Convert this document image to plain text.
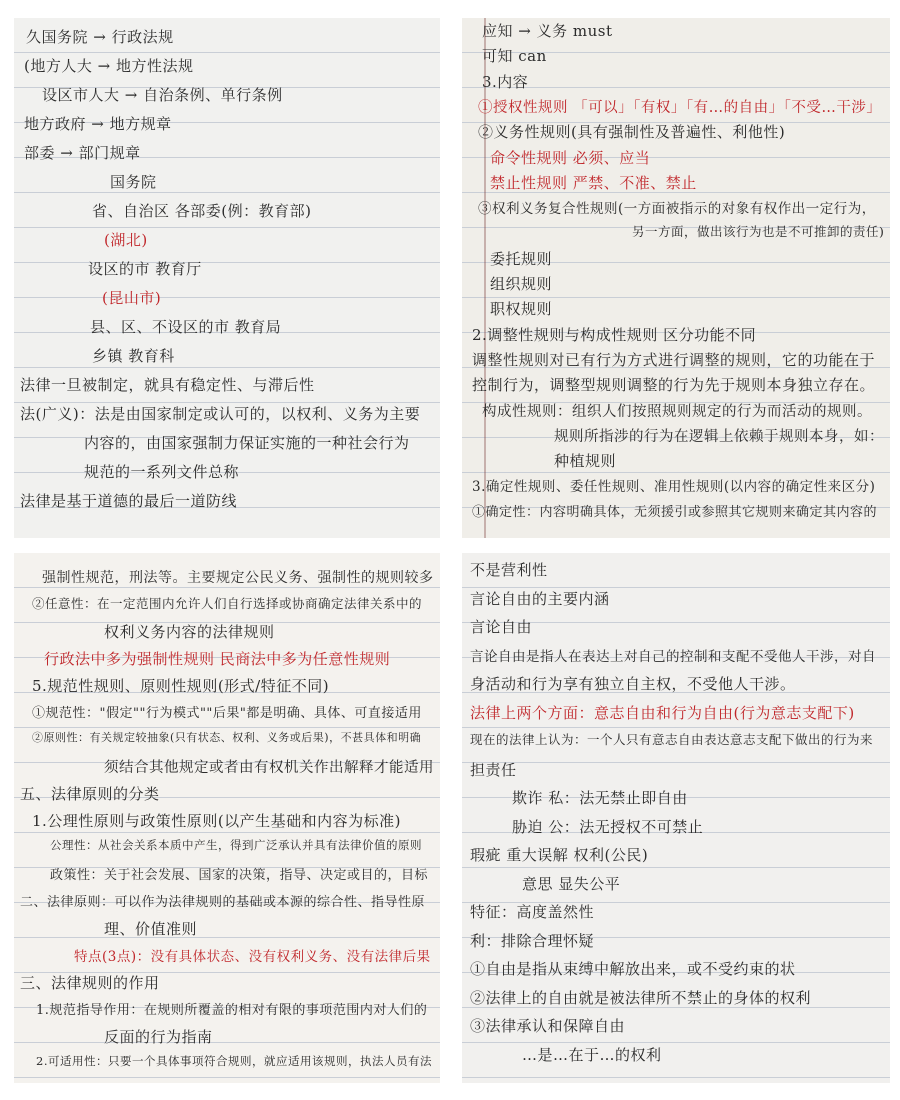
久国务院 → 行政法规
(地方人大 → 地方性法规
设区市人大 → 自治条例、单行条例
地方政府 → 地方规章
部委 → 部门规章
国务院
省、自治区 各部委(例：教育部)
(湖北)
设区的市 教育厅
(昆山市)
县、区、不设区的市 教育局
乡镇 教育科
法律一旦被制定，就具有稳定性、与滞后性
法(广义)：法是由国家制定或认可的，以权利、义务为主要
内容的，由国家强制力保证实施的一种社会行为
规范的一系列文件总称
法律是基于道德的最后一道防线
应知 → 义务 must
可知 can
3.内容
①授权性规则 「可以」「有权」「有…的自由」「不受…干涉」
②义务性规则(具有强制性及普遍性、利他性)
命令性规则 必须、应当
禁止性规则 严禁、不准、禁止
③权利义务复合性规则(一方面被指示的对象有权作出一定行为，
另一方面，做出该行为也是不可推卸的责任)
委托规则
组织规则
职权规则
2.调整性规则与构成性规则 区分功能不同
调整性规则对已有行为方式进行调整的规则，它的功能在于
控制行为，调整型规则调整的行为先于规则本身独立存在。
构成性规则：组织人们按照规则规定的行为而活动的规则。
规则所指涉的行为在逻辑上依赖于规则本身，如：
种植规则
3.确定性规则、委任性规则、准用性规则(以内容的确定性来区分)
①确定性：内容明确具体，无须援引或参照其它规则来确定其内容的
强制性规范，刑法等。主要规定公民义务、强制性的规则较多
②任意性：在一定范围内允许人们自行选择或协商确定法律关系中的
权利义务内容的法律规则
行政法中多为强制性规则 民商法中多为任意性规则
5.规范性规则、原则性规则(形式/特征不同)
①规范性："假定""行为模式""后果"都是明确、具体、可直接适用
②原则性：有关规定较抽象(只有状态、权利、义务或后果)，不甚具体和明确
须结合其他规定或者由有权机关作出解释才能适用
五、法律原则的分类
1.公理性原则与政策性原则(以产生基础和内容为标准)
公理性：从社会关系本质中产生，得到广泛承认并具有法律价值的原则
政策性：关于社会发展、国家的决策，指导、决定或目的，目标
二、法律原则：可以作为法律规则的基础或本源的综合性、指导性原
理、价值准则
特点(3点)：没有具体状态、没有权利义务、没有法律后果
三、法律规则的作用
1.规范指导作用：在规则所覆盖的相对有限的事项范围内对人们的
反面的行为指南
2.可适用性：只要一个具体事项符合规则，就应适用该规则，执法人员有法
不是营利性
言论自由的主要内涵
言论自由
言论自由是指人在表达上对自己的控制和支配不受他人干涉，对自
身活动和行为享有独立自主权，不受他人干涉。
法律上两个方面：意志自由和行为自由(行为意志支配下)
现在的法律上认为：一个人只有意志自由表达意志支配下做出的行为来
担责任
欺诈 私：法无禁止即自由
胁迫 公：法无授权不可禁止
瑕疵 重大误解 权利(公民)
意思 显失公平
特征：高度盖然性
利：排除合理怀疑
①自由是指从束缚中解放出来，或不受约束的状
②法律上的自由就是被法律所不禁止的身体的权利
③法律承认和保障自由
…是…在于…的权利
